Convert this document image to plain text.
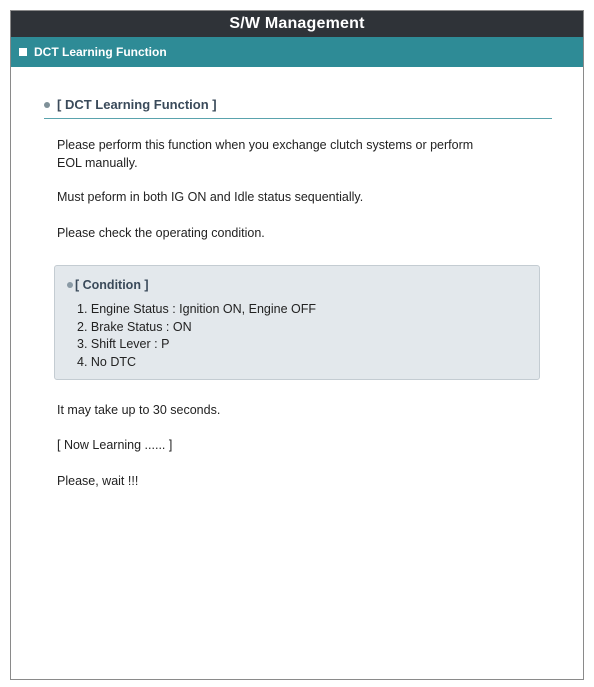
S/W Management
DCT Learning Function
[ DCT Learning Function ]
Please perform this function when you exchange clutch systems or perform
EOL manually.
Must peform in both IG ON and Idle status sequentially.
Please check the operating condition.
[ Condition ]
1. Engine Status : Ignition ON, Engine OFF
2. Brake Status : ON
3. Shift Lever : P
4. No DTC
It may take up to 30 seconds.
[ Now Learning ...... ]
Please, wait !!!
